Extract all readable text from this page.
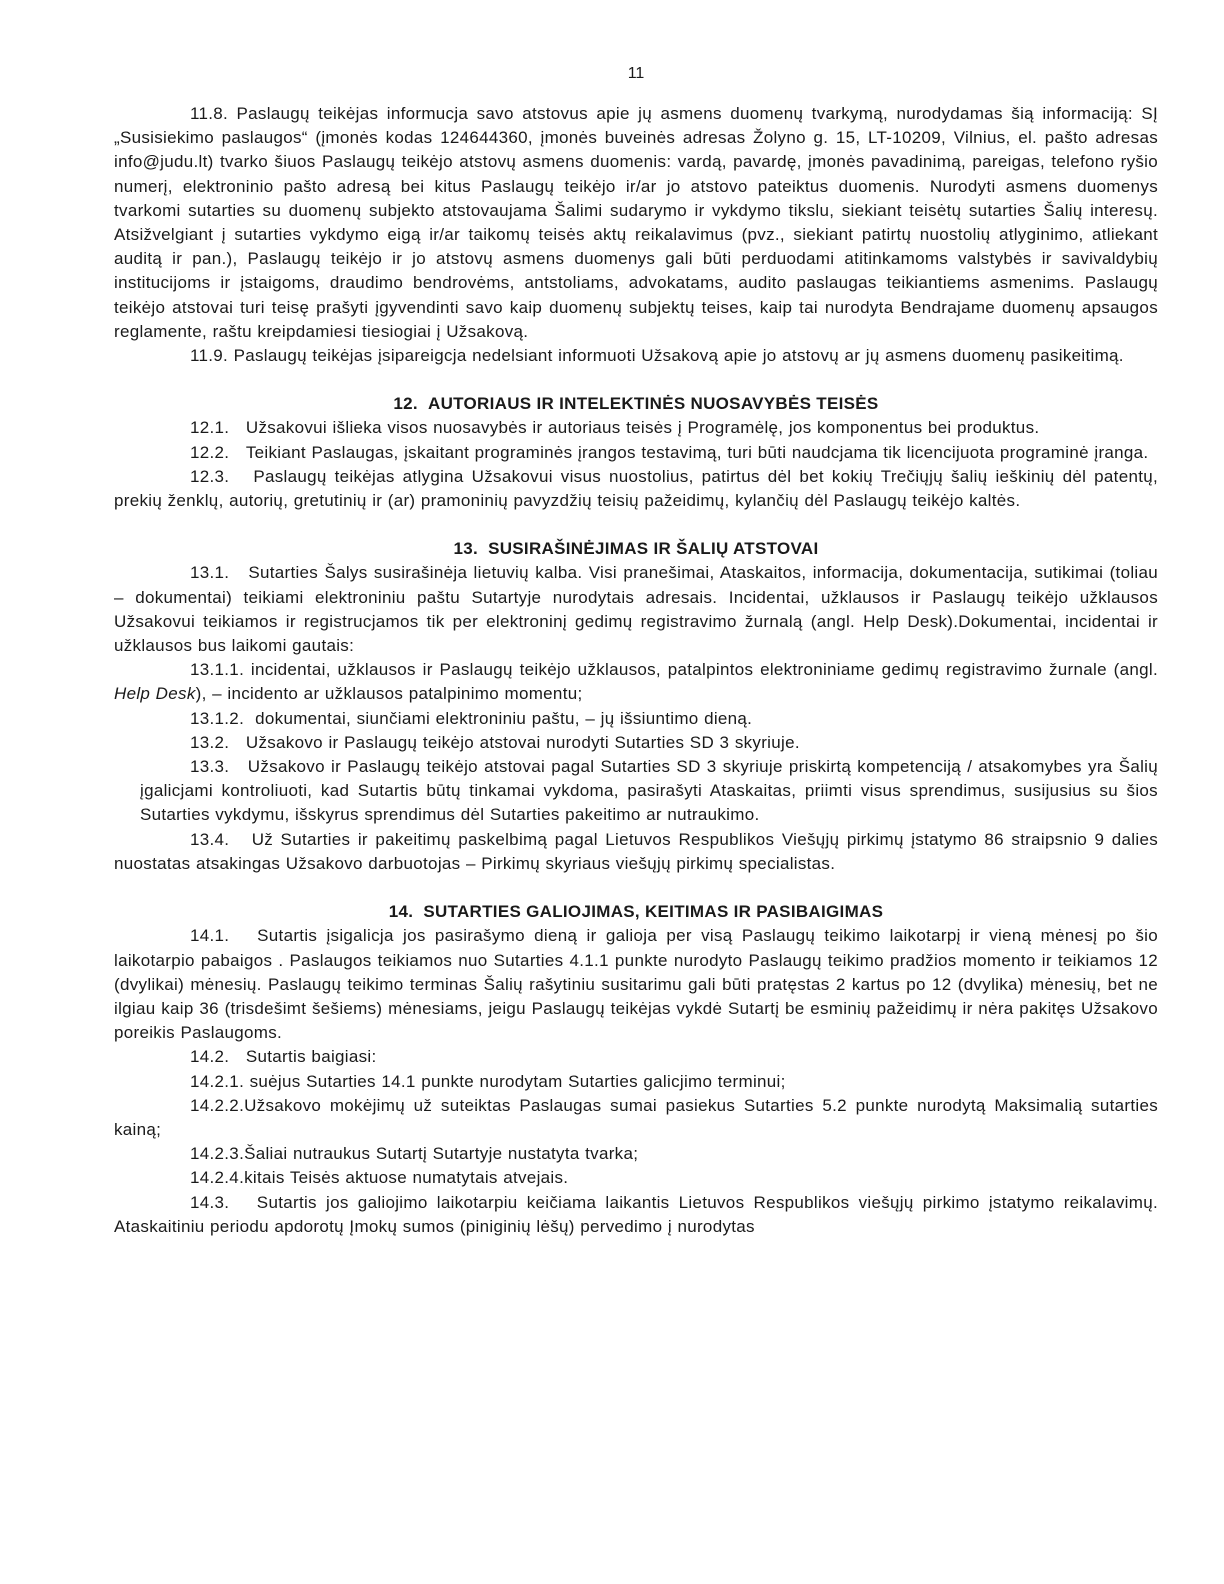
11

11.8. Paslaugų teikėjas informucja savo atstovus apie jų asmens duomenų tvarkymą, nurodydamas šią informaciją: SĮ „Susisiekimo paslaugos“ (įmonės kodas 124644360, įmonės buveinės adresas Žolyno g. 15, LT-10209, Vilnius, el. pašto adresas info@judu.lt) tvarko šiuos Paslaugų teikėjo atstovų asmens duomenis: vardą, pavardę, įmonės pavadinimą, pareigas, telefono ryšio numerį, elektroninio pašto adresą bei kitus Paslaugų teikėjo ir/ar jo atstovo pateiktus duomenis. Nurodyti asmens duomenys tvarkomi sutarties su duomenų subjekto atstovaujama Šalimi sudarymo ir vykdymo tikslu, siekiant teisėtų sutarties Šalių interesų. Atsižvelgiant į sutarties vykdymo eigą ir/ar taikomų teisės aktų reikalavimus (pvz., siekiant patirtų nuostolių atlyginimo, atliekant auditą ir pan.), Paslaugų teikėjo ir jo atstovų asmens duomenys gali būti perduodami atitinkamoms valstybės ir savivaldybių institucijoms ir įstaigoms, draudimo bendrovėms, antstoliams, advokatams, audito paslaugas teikiantiems asmenims. Paslaugų teikėjo atstovai turi teisę prašyti įgyvendinti savo kaip duomenų subjektų teises, kaip tai nurodyta Bendrajame duomenų apsaugos reglamente, raštu kreipdamiesi tiesiogiai į Užsakovą.

11.9. Paslaugų teikėjas įsipareigcja nedelsiant informuoti Užsakovą apie jo atstovų ar jų asmens duomenų pasikeitimą.

12.  AUTORIAUS IR INTELEKTINĖS NUOSAVYBĖS TEISĖS

12.1.   Užsakovui išlieka visos nuosavybės ir autoriaus teisės į Programėlę, jos komponentus bei produktus.

12.2.   Teikiant Paslaugas, įskaitant programinės įrangos testavimą, turi būti naudcjama tik licencijuota programinė įranga.

12.3.   Paslaugų teikėjas atlygina Užsakovui visus nuostolius, patirtus dėl bet kokių Trečiųjų šalių ieškinių dėl patentų, prekių ženklų, autorių, gretutinių ir (ar) pramoninių pavyzdžių teisių pažeidimų, kylančių dėl Paslaugų teikėjo kaltės.

13.  SUSIRAŠINĖJIMAS IR ŠALIŲ ATSTOVAI

13.1.   Sutarties Šalys susirašinėja lietuvių kalba. Visi pranešimai, Ataskaitos, informacija, dokumentacija, sutikimai (toliau – dokumentai) teikiami elektroniniu paštu Sutartyje nurodytais adresais. Incidentai, užklausos ir Paslaugų teikėjo užklausos Užsakovui teikiamos ir registrucjamos tik per elektroninį gedimų registravimo žurnalą (angl. Help Desk).Dokumentai, incidentai ir užklausos bus laikomi gautais:

13.1.1. incidentai, užklausos ir Paslaugų teikėjo užklausos, patalpintos elektroniniame gedimų registravimo žurnale (angl. Help Desk), – incidento ar užklausos patalpinimo momentu;

13.1.2.  dokumentai, siunčiami elektroniniu paštu, – jų išsiuntimo dieną.

13.2.   Užsakovo ir Paslaugų teikėjo atstovai nurodyti Sutarties SD 3 skyriuje.

13.3.   Užsakovo ir Paslaugų teikėjo atstovai pagal Sutarties SD 3 skyriuje priskirtą kompetenciją / atsakomybes yra Šalių įgalicjami kontroliuoti, kad Sutartis būtų tinkamai vykdoma, pasirašyti Ataskaitas, priimti visus sprendimus, susijusius su šios Sutarties vykdymu, išskyrus sprendimus dėl Sutarties pakeitimo ar nutraukimo.

13.4.   Už Sutarties ir pakeitimų paskelbimą pagal Lietuvos Respublikos Viešųjų pirkimų įstatymo 86 straipsnio 9 dalies nuostatas atsakingas Užsakovo darbuotojas – Pirkimų skyriaus viešųjų pirkimų specialistas.

14.  SUTARTIES GALIOJIMAS, KEITIMAS IR PASIBAIGIMAS

14.1.   Sutartis įsigalicja jos pasirašymo dieną ir galioja per visą Paslaugų teikimo laikotarpį ir vieną mėnesį po šio laikotarpio pabaigos . Paslaugos teikiamos nuo Sutarties 4.1.1 punkte nurodyto Paslaugų teikimo pradžios momento ir teikiamos 12 (dvylikai) mėnesių. Paslaugų teikimo terminas Šalių rašytiniu susitarimu gali būti pratęstas 2 kartus po 12 (dvylika) mėnesių, bet ne ilgiau kaip 36 (trisdešimt šešiems) mėnesiams, jeigu Paslaugų teikėjas vykdė Sutartį be esminių pažeidimų ir nėra pakitęs Užsakovo poreikis Paslaugoms.

14.2.   Sutartis baigiasi:

14.2.1. suėjus Sutarties 14.1 punkte nurodytam Sutarties galicjimo terminui;

14.2.2.Užsakovo mokėjimų už suteiktas Paslaugas sumai pasiekus Sutarties 5.2 punkte nurodytą Maksimalią sutarties kainą;

14.2.3.Šaliai nutraukus Sutartį Sutartyje nustatyta tvarka;

14.2.4.kitais Teisės aktuose numatytais atvejais.

14.3.   Sutartis jos galiojimo laikotarpiu keičiama laikantis Lietuvos Respublikos viešųjų pirkimo įstatymo reikalavimų. Ataskaitiniu periodu apdorotų Įmokų sumos (piniginių lėšų) pervedimo į nurodytas
